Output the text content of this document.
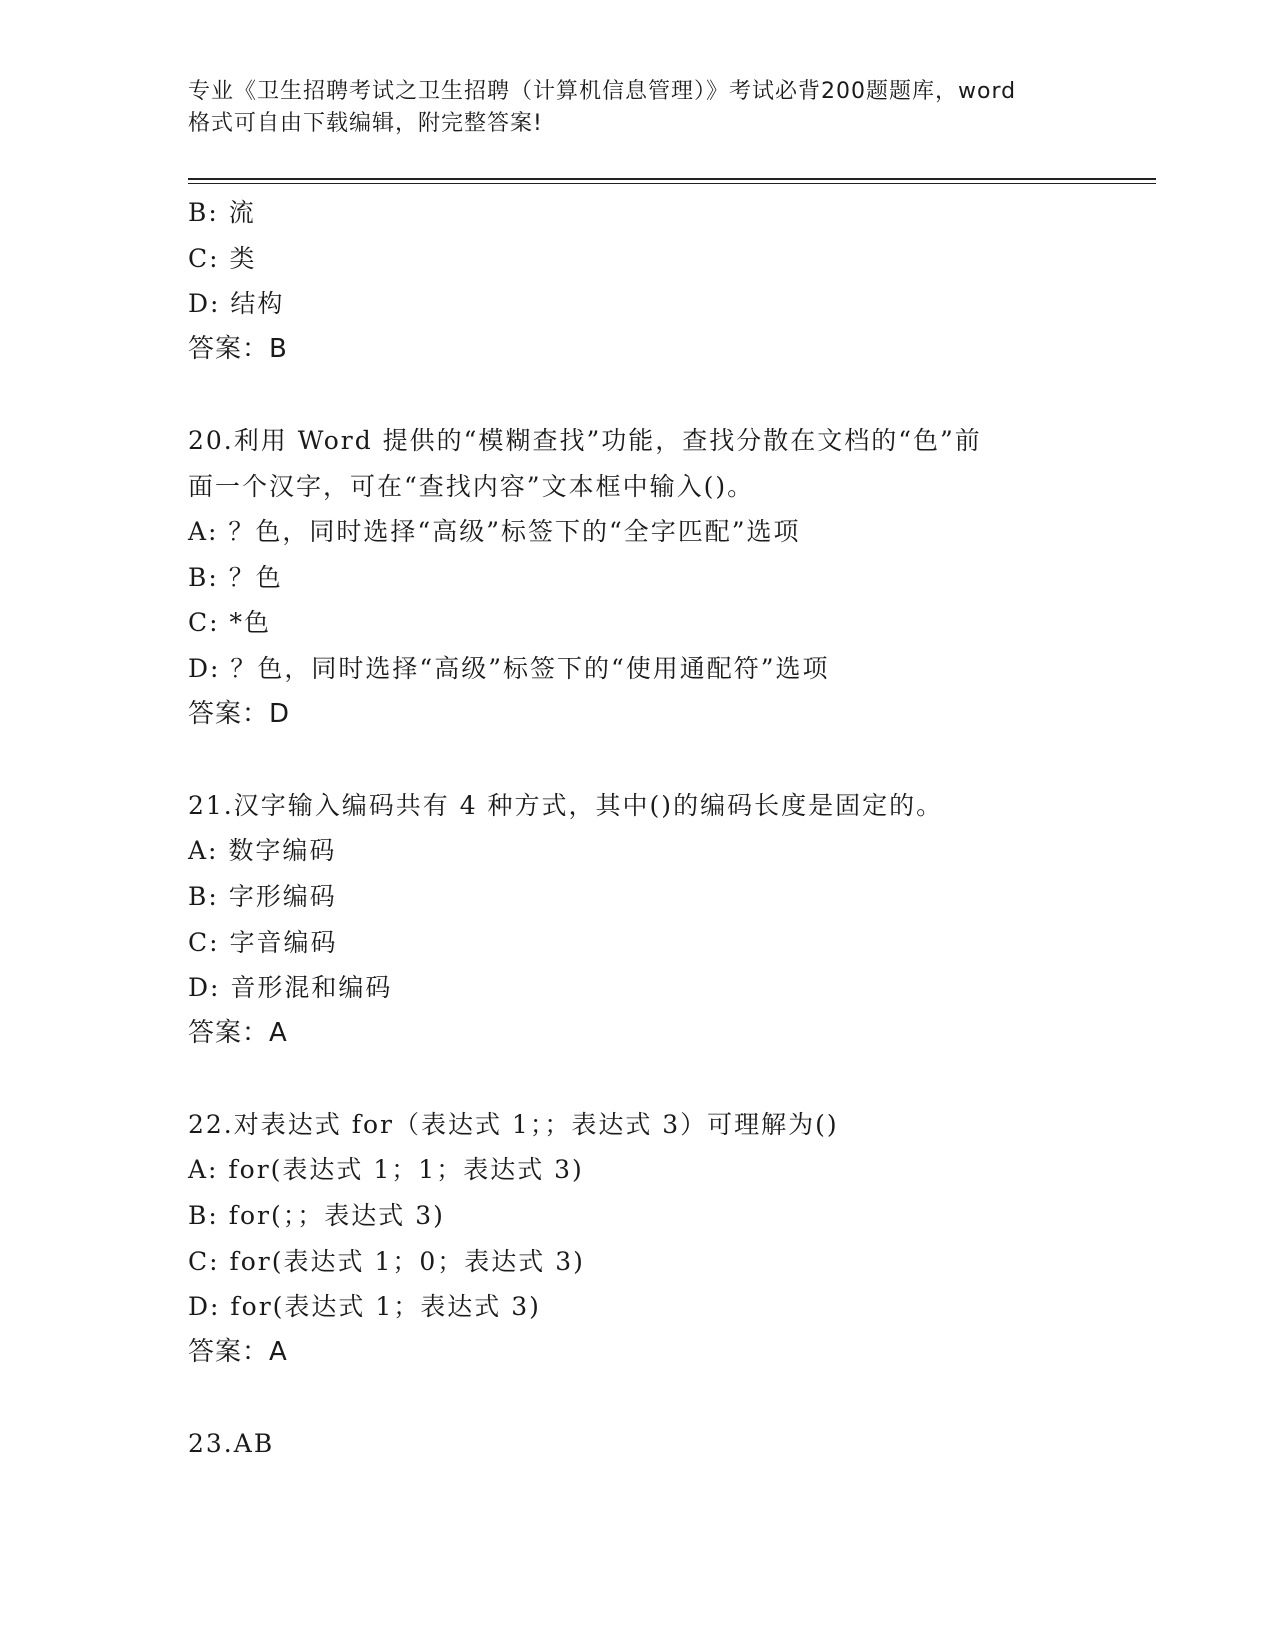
专业《卫生招聘考试之卫生招聘（计算机信息管理）》考试必背200题题库，word
格式可自由下载编辑，附完整答案!
B: 流
C: 类
D: 结构
答案：B
20.利用 Word 提供的“模糊查找”功能，查找分散在文档的“色”前
面一个汉字，可在“查找内容”文本框中输入()。
A: ？色，同时选择“高级”标签下的“全字匹配”选项
B: ？色
C: *色
D: ？色，同时选择“高级”标签下的“使用通配符”选项
答案：D
21.汉字输入编码共有 4 种方式，其中()的编码长度是固定的。
A: 数字编码
B: 字形编码
C: 字音编码
D: 音形混和编码
答案：A
22.对表达式 for（表达式 1；；表达式 3）可理解为()
A: for(表达式 1；1；表达式 3)
B: for(；；表达式 3)
C: for(表达式 1；0；表达式 3)
D: for(表达式 1；表达式 3)
答案：A
23.AB
